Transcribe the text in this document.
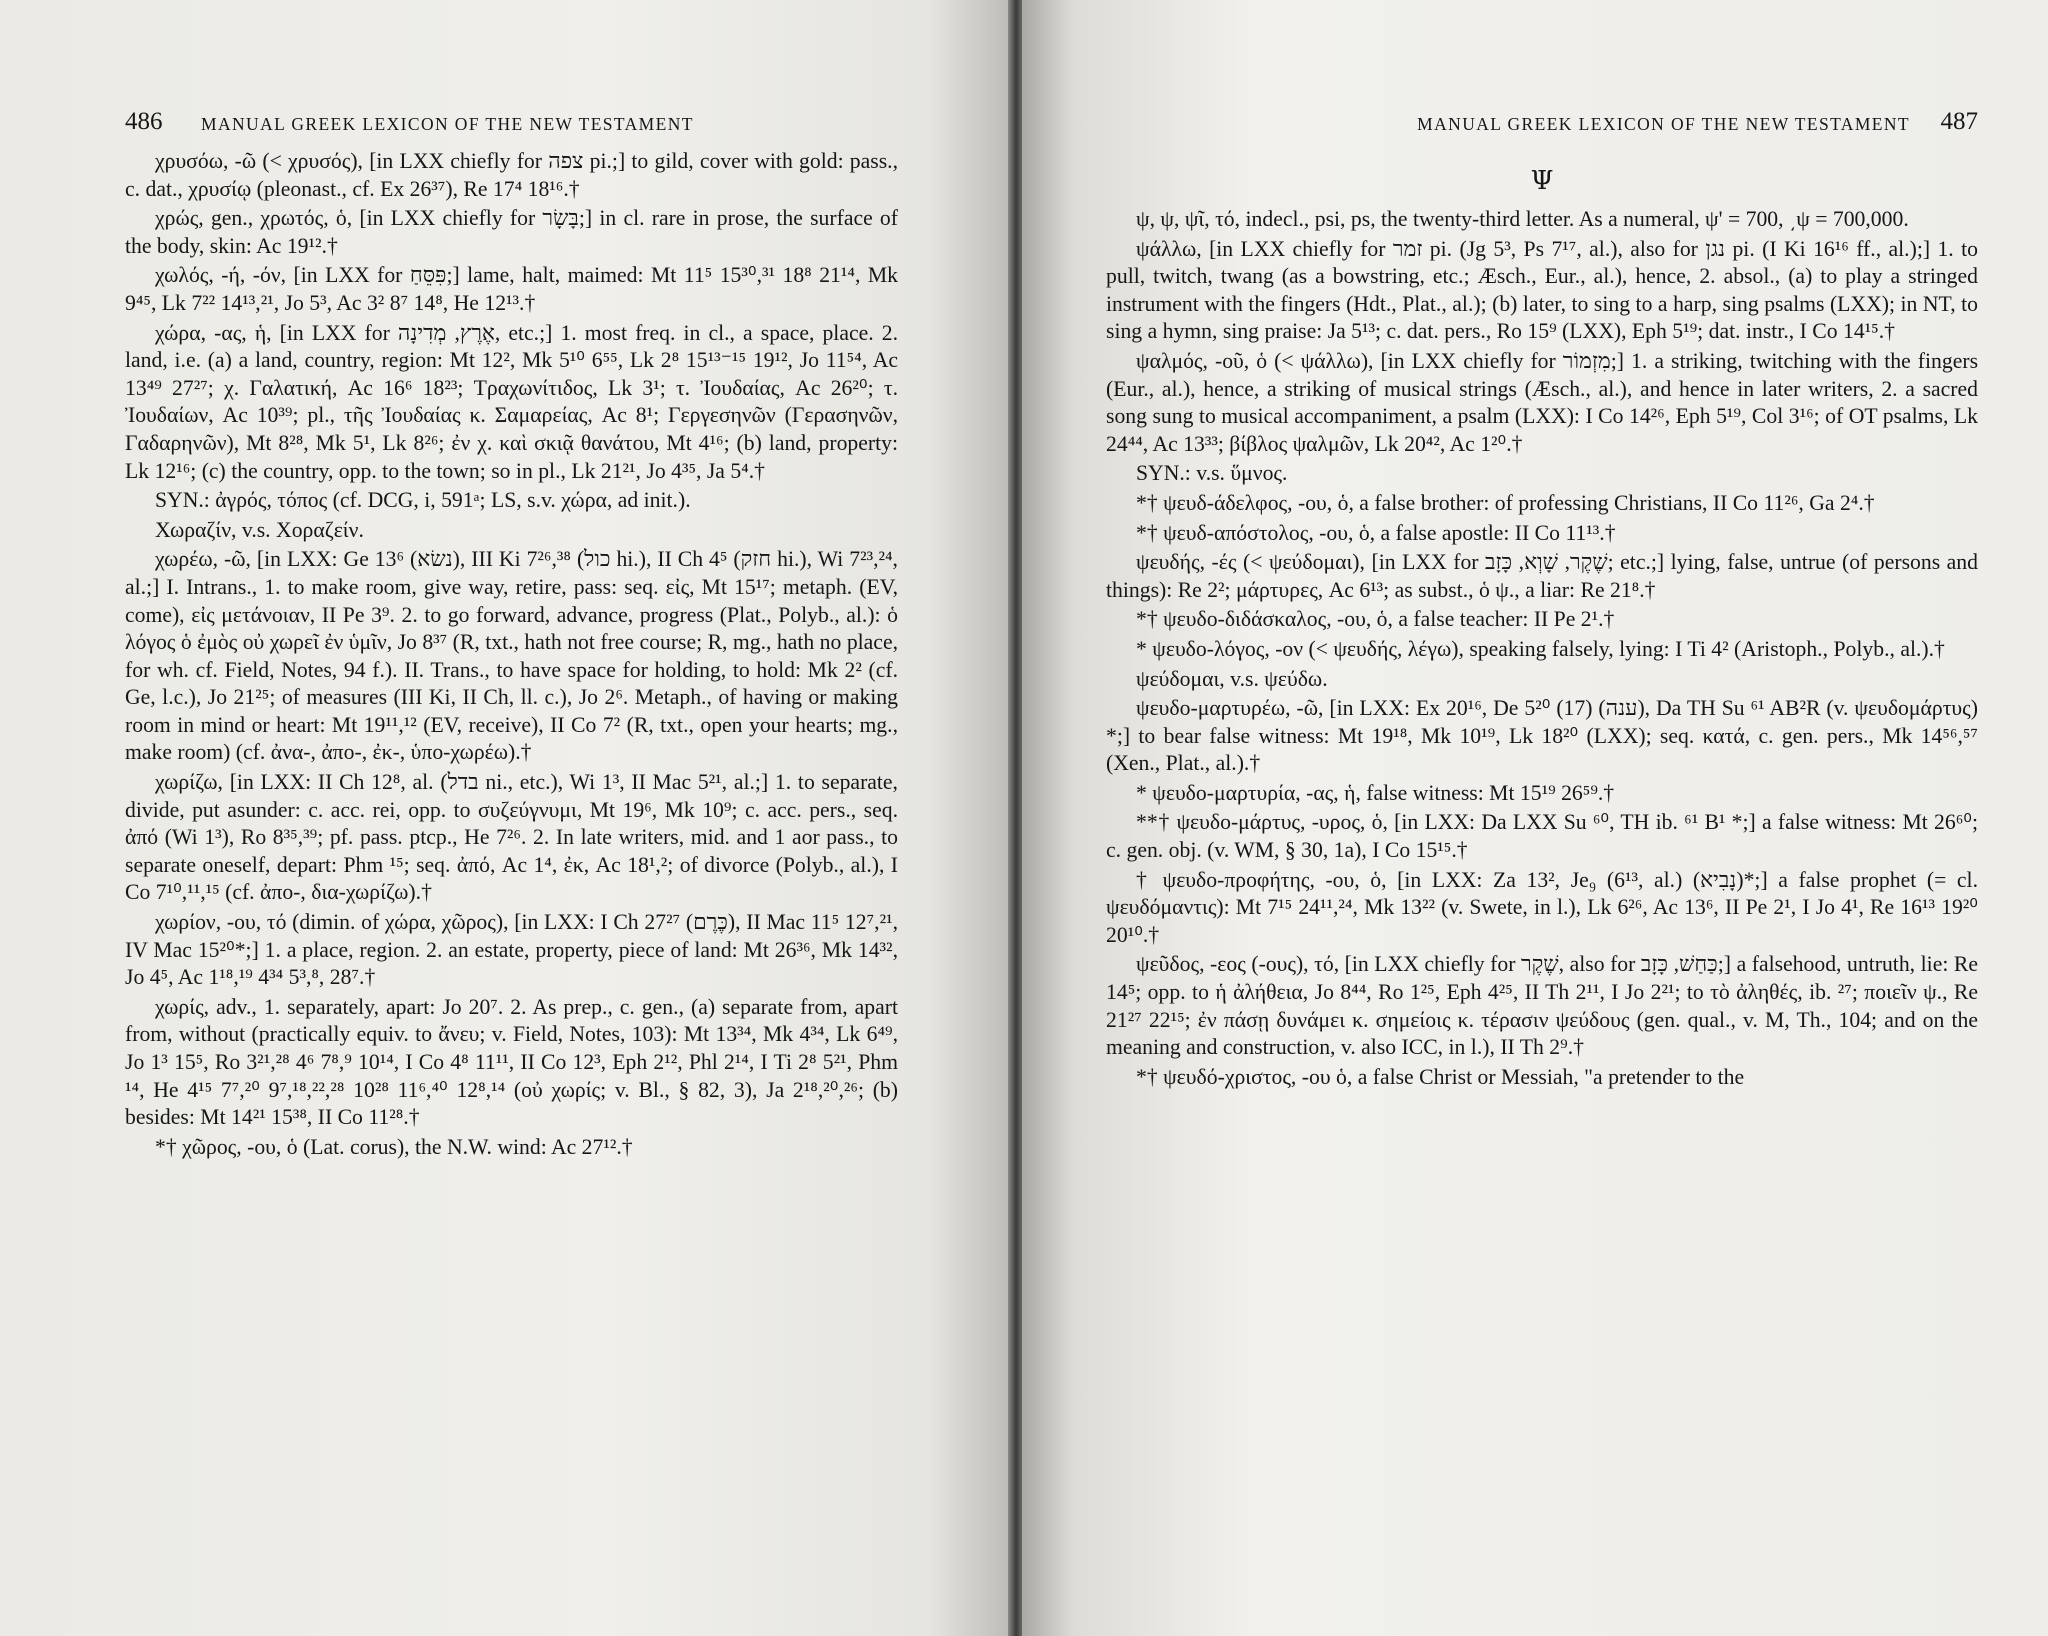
486 MANUAL GREEK LEXICON OF THE NEW TESTAMENT

χρυσόω, -ῶ (< χρυσός), [in LXX chiefly for צפה pi.;] to gild, cover with gold: pass., c. dat., χρυσίῳ (pleonast., cf. Ex 26³⁷), Re 17⁴ 18¹⁶.†

χρώς, gen., χρωτός, ὁ, [in LXX chiefly for בָּשָׂר;] in cl. rare in prose, the surface of the body, skin: Ac 19¹².†

χωλός, -ή, -όν, [in LXX for פִּסֵּחַ;] lame, halt, maimed: Mt 11⁵ 15³⁰,³¹ 18⁸ 21¹⁴, Mk 9⁴⁵, Lk 7²² 14¹³,²¹, Jo 5³, Ac 3² 8⁷ 14⁸, He 12¹³.†

χώρα, -ας, ἡ, [in LXX for אֶרֶץ, מְדִינָה, etc.;] 1. most freq. in cl., a space, place. 2. land, i.e. (a) a land, country, region: Mt 12², Mk 5¹⁰ 6⁵⁵, Lk 2⁸ 15¹³⁻¹⁵ 19¹², Jo 11⁵⁴, Ac 13⁴⁹ 27²⁷; χ. Γαλατική, Ac 16⁶ 18²³; Τραχωνίτιδος, Lk 3¹; τ. Ἰουδαίας, Ac 26²⁰; τ. Ἰουδαίων, Ac 10³⁹; pl., τῆς Ἰουδαίας κ. Σαμαρείας, Ac 8¹; Γεργεσηνῶν (Γερασηνῶν, Γαδαρηνῶν), Mt 8²⁸, Mk 5¹, Lk 8²⁶; ἐν χ. καὶ σκιᾷ θανάτου, Mt 4¹⁶; (b) land, property: Lk 12¹⁶; (c) the country, opp. to the town; so in pl., Lk 21²¹, Jo 4³⁵, Ja 5⁴.†

SYN.: ἀγρός, τόπος (cf. DCG, i, 591ᵃ; LS, s.v. χώρα, ad init.).

Χωραζίν, v.s. Χοραζείν.

χωρέω, -ῶ, [in LXX: Ge 13⁶ (נשׂא), III Ki 7²⁶,³⁸ (כול hi.), II Ch 4⁵ (חזק hi.), Wi 7²³,²⁴, al.;] I. Intrans., 1. to make room, give way, retire, pass: seq. εἰς, Mt 15¹⁷; metaph. (EV, come), εἰς μετάνοιαν, II Pe 3⁹. 2. to go forward, advance, progress (Plat., Polyb., al.): ὁ λόγος ὁ ἐμὸς οὐ χωρεῖ ἐν ὑμῖν, Jo 8³⁷ (R, txt., hath not free course; R, mg., hath no place, for wh. cf. Field, Notes, 94 f.). II. Trans., to have space for holding, to hold: Mk 2² (cf. Ge, l.c.), Jo 21²⁵; of measures (III Ki, II Ch, ll. c.), Jo 2⁶. Metaph., of having or making room in mind or heart: Mt 19¹¹,¹² (EV, receive), II Co 7² (R, txt., open your hearts; mg., make room) (cf. ἀνα-, ἀπο-, ἐκ-, ὑπο-χωρέω).†

χωρίζω, [in LXX: II Ch 12⁸, al. (בדל ni., etc.), Wi 1³, II Mac 5²¹, al.;] 1. to separate, divide, put asunder: c. acc. rei, opp. to συζεύγνυμι, Mt 19⁶, Mk 10⁹; c. acc. pers., seq. ἀπό (Wi 1³), Ro 8³⁵,³⁹; pf. pass. ptcp., He 7²⁶. 2. In late writers, mid. and 1 aor pass., to separate oneself, depart: Phm ¹⁵; seq. ἀπό, Ac 1⁴, ἐκ, Ac 18¹,²; of divorce (Polyb., al.), I Co 7¹⁰,¹¹,¹⁵ (cf. ἀπο-, δια-χωρίζω).†

χωρίον, -ου, τό (dimin. of χώρα, χῶρος), [in LXX: I Ch 27²⁷ (כֶּרֶם), II Mac 11⁵ 12⁷,²¹, IV Mac 15²⁰*;] 1. a place, region. 2. an estate, property, piece of land: Mt 26³⁶, Mk 14³², Jo 4⁵, Ac 1¹⁸,¹⁹ 4³⁴ 5³,⁸, 28⁷.†

χωρίς, adv., 1. separately, apart: Jo 20⁷. 2. As prep., c. gen., (a) separate from, apart from, without (practically equiv. to ἄνευ; v. Field, Notes, 103): Mt 13³⁴, Mk 4³⁴, Lk 6⁴⁹, Jo 1³ 15⁵, Ro 3²¹,²⁸ 4⁶ 7⁸,⁹ 10¹⁴, I Co 4⁸ 11¹¹, II Co 12³, Eph 2¹², Phl 2¹⁴, I Ti 2⁸ 5²¹, Phm ¹⁴, He 4¹⁵ 7⁷,²⁰ 9⁷,¹⁸,²²,²⁸ 10²⁸ 11⁶,⁴⁰ 12⁸,¹⁴ (οὐ χωρίς; v. Bl., § 82, 3), Ja 2¹⁸,²⁰,²⁶; (b) besides: Mt 14²¹ 15³⁸, II Co 11²⁸.†

*† χῶρος, -ου, ὁ (Lat. corus), the N.W. wind: Ac 27¹².†

MANUAL GREEK LEXICON OF THE NEW TESTAMENT 487
Ψ

ψ, ψ, ψῖ, τό, indecl., psi, ps, the twenty-third letter. As a numeral, ψ' = 700, ͵ψ = 700,000.

ψάλλω, [in LXX chiefly for זמר pi. (Jg 5³, Ps 7¹⁷, al.), also for נגן pi. (I Ki 16¹⁶ ff., al.);] 1. to pull, twitch, twang (as a bowstring, etc.; Æsch., Eur., al.), hence, 2. absol., (a) to play a stringed instrument with the fingers (Hdt., Plat., al.); (b) later, to sing to a harp, sing psalms (LXX); in NT, to sing a hymn, sing praise: Ja 5¹³; c. dat. pers., Ro 15⁹ (LXX), Eph 5¹⁹; dat. instr., I Co 14¹⁵.†

ψαλμός, -οῦ, ὁ (< ψάλλω), [in LXX chiefly for מִזְמוֹר;] 1. a striking, twitching with the fingers (Eur., al.), hence, a striking of musical strings (Æsch., al.), and hence in later writers, 2. a sacred song sung to musical accompaniment, a psalm (LXX): I Co 14²⁶, Eph 5¹⁹, Col 3¹⁶; of OT psalms, Lk 24⁴⁴, Ac 13³³; βίβλος ψαλμῶν, Lk 20⁴², Ac 1²⁰.†

SYN.: v.s. ὕμνος.

*† ψευδ-άδελφος, -ου, ὁ, a false brother: of professing Christians, II Co 11²⁶, Ga 2⁴.†

*† ψευδ-απόστολος, -ου, ὁ, a false apostle: II Co 11¹³.†

ψευδής, -ές (< ψεύδομαι), [in LXX for שֶׁקֶר, שָׁוְא, כָּזָב; etc.;] lying, false, untrue (of persons and things): Re 2²; μάρτυρες, Ac 6¹³; as subst., ὁ ψ., a liar: Re 21⁸.†

*† ψευδο-διδάσκαλος, -ου, ὁ, a false teacher: II Pe 2¹.†

* ψευδο-λόγος, -ον (< ψευδής, λέγω), speaking falsely, lying: I Ti 4² (Aristoph., Polyb., al.).†

ψεύδομαι, v.s. ψεύδω.

ψευδο-μαρτυρέω, -ῶ, [in LXX: Ex 20¹⁶, De 5²⁰ (17) (ענה), Da TH Su ⁶¹ AB²R (v. ψευδομάρτυς) *;] to bear false witness: Mt 19¹⁸, Mk 10¹⁹, Lk 18²⁰ (LXX); seq. κατά, c. gen. pers., Mk 14⁵⁶,⁵⁷ (Xen., Plat., al.).†

* ψευδο-μαρτυρία, -ας, ἡ, false witness: Mt 15¹⁹ 26⁵⁹.†

**† ψευδο-μάρτυς, -υρος, ὁ, [in LXX: Da LXX Su ⁶⁰, TH ib. ⁶¹ B¹ *;] a false witness: Mt 26⁶⁰; c. gen. obj. (v. WM, § 30, 1a), I Co 15¹⁵.†

† ψευδο-προφήτης, -ου, ὁ, [in LXX: Za 13², Je₉ (6¹³, al.) (נָבִיא)*;] a false prophet (= cl. ψευδόμαντις): Mt 7¹⁵ 24¹¹,²⁴, Mk 13²² (v. Swete, in l.), Lk 6²⁶, Ac 13⁶, II Pe 2¹, I Jo 4¹, Re 16¹³ 19²⁰ 20¹⁰.†

ψεῦδος, -εος (-ους), τό, [in LXX chiefly for שֶׁקֶר, also for כַּחַשׁ, כָּזָב;] a falsehood, untruth, lie: Re 14⁵; opp. to ἡ ἀλήθεια, Jo 8⁴⁴, Ro 1²⁵, Eph 4²⁵, II Th 2¹¹, I Jo 2²¹; to τὸ ἀληθές, ib. ²⁷; ποιεῖν ψ., Re 21²⁷ 22¹⁵; ἐν πάσῃ δυνάμει κ. σημείοις κ. τέρασιν ψεύδους (gen. qual., v. M, Th., 104; and on the meaning and construction, v. also ICC, in l.), II Th 2⁹.†

*† ψευδό-χριστος, -ου ὁ, a false Christ or Messiah, "a pretender to the
